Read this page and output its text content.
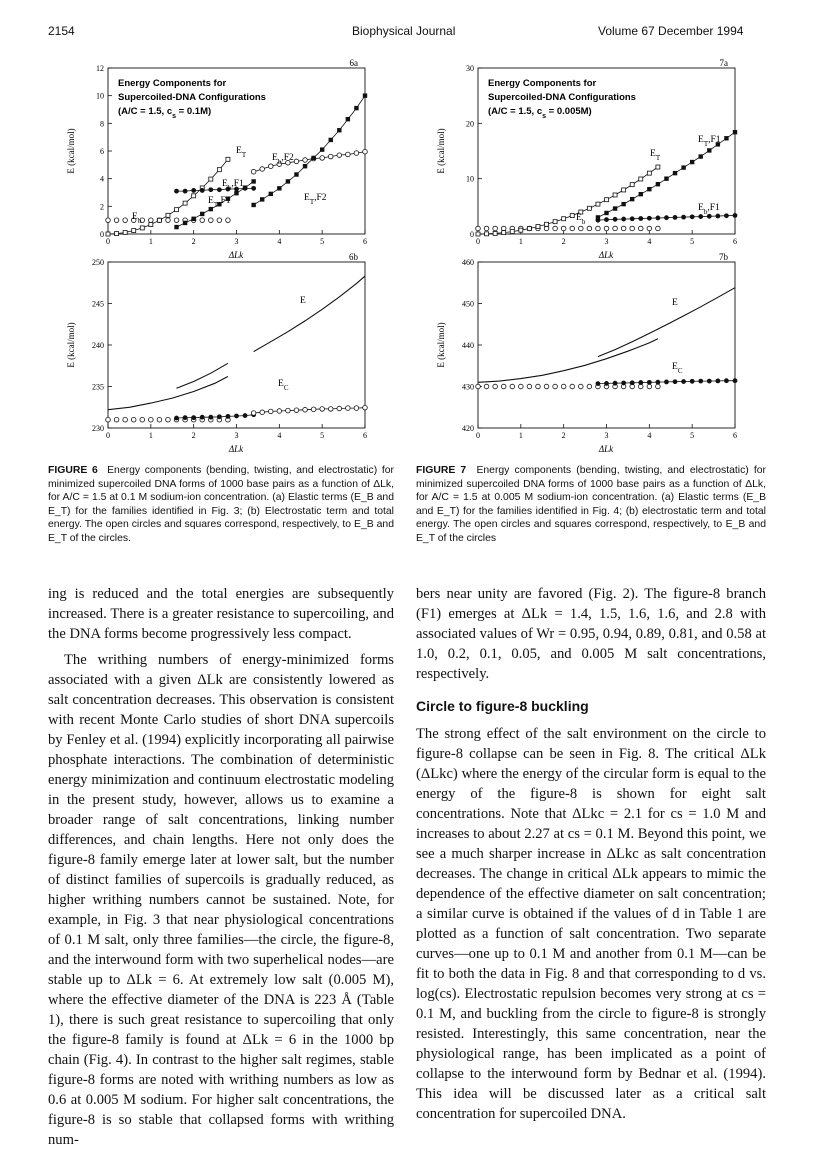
2154	Biophysical Journal	Volume 67 December 1994
0	1	2	3	4	5	6
0
2
4
6
8
10
12
6a
Energy Components for
Supercoiled-DNA Configurations
(A/C = 1.5, $c_s = 0.1M$)
$E_T$
$E_b$
$E_b,F1$
$E_T,F1$
$E_b,F2$
$E_T,F2$
E (kcal/mol)
ΔLk
0	1	2	3	4	5	6
230
235
240
245
250
6b
E
$E_C$
E (kcal/mol)
ΔLk
0	1	2	3	4	5	6
0
10
20
30
7a
Energy Components for
Supercoiled-DNA Configurations
(A/C = 1.5, $c_s = 0.005M$)
$E_T$
$E_T,F1$
$E_b,F1$
$E_b$
E (kcal/mol)
ΔLk
0	1	2	3	4	5	6
420
430
440
450
460
7b
E
$E_C$
E (kcal/mol)
ΔLk
FIGURE 6 Energy components (bending, twisting, and electrostatic) for minimized supercoiled DNA forms of 1000 base pairs as a function of ΔLk, for A/C = 1.5 at 0.1 M sodium-ion concentration. (a) Elastic terms (E_B and E_T) for the families identified in Fig. 3; (b) Electrostatic term and total energy. The open circles and squares correspond, respectively, to E_B and E_T of the circles.
FIGURE 7 Energy components (bending, twisting, and electrostatic) for minimized supercoiled DNA forms of 1000 base pairs as a function of ΔLk, for A/C = 1.5 at 0.005 M sodium-ion concentration. (a) Elastic terms (E_B and E_T) for the families identified in Fig. 4; (b) electrostatic term and total energy. The open circles and squares correspond, respectively, to E_B and E_T of the circles

ing is reduced and the total energies are subsequently increased. There is a greater resistance to supercoiling, and the DNA forms become progressively less compact.

The writhing numbers of energy-minimized forms associated with a given ΔLk are consistently lowered as salt concentration decreases. This observation is consistent with recent Monte Carlo studies of short DNA supercoils by Fenley et al. (1994) explicitly incorporating all pairwise phosphate interactions. The combination of deterministic energy minimization and continuum electrostatic modeling in the present study, however, allows us to examine a broader range of salt concentrations, linking number differences, and chain lengths. Here not only does the figure-8 family emerge later at lower salt, but the number of distinct families of supercoils is gradually reduced, as higher writhing numbers cannot be sustained. Note, for example, in Fig. 3 that near physiological concentrations of 0.1 M salt, only three families—the circle, the figure-8, and the interwound form with two superhelical nodes—are stable up to ΔLk = 6. At extremely low salt (0.005 M), where the effective diameter of the DNA is 223 Å (Table 1), there is such great resistance to supercoiling that only the figure-8 family is found at ΔLk = 6 in the 1000 bp chain (Fig. 4). In contrast to the higher salt regimes, stable figure-8 forms are noted with writhing numbers as low as 0.6 at 0.005 M sodium. For higher salt concentrations, the figure-8 is so stable that collapsed forms with writhing num-

bers near unity are favored (Fig. 2). The figure-8 branch (F1) emerges at ΔLk = 1.4, 1.5, 1.6, 1.6, and 2.8 with associated values of Wr = 0.95, 0.94, 0.89, 0.81, and 0.58 at 1.0, 0.2, 0.1, 0.05, and 0.005 M salt concentrations, respectively.

Circle to figure-8 buckling

The strong effect of the salt environment on the circle to figure-8 collapse can be seen in Fig. 8. The critical ΔLk (ΔLkc) where the energy of the circular form is equal to the energy of the figure-8 is shown for eight salt concentrations. Note that ΔLkc = 2.1 for cs = 1.0 M and increases to about 2.27 at cs = 0.1 M. Beyond this point, we see a much sharper increase in ΔLkc as salt concentration decreases. The change in critical ΔLk appears to mimic the dependence of the effective diameter on salt concentration; a similar curve is obtained if the values of d in Table 1 are plotted as a function of salt concentration. Two separate curves—one up to 0.1 M and another from 0.1 M—can be fit to both the data in Fig. 8 and that corresponding to d vs. log(cs). Electrostatic repulsion becomes very strong at cs = 0.1 M, and buckling from the circle to figure-8 is strongly resisted. Interestingly, this same concentration, near the physiological range, has been implicated as a point of collapse to the interwound form by Bednar et al. (1994). This idea will be discussed later as a critical salt concentration for supercoiled DNA.
